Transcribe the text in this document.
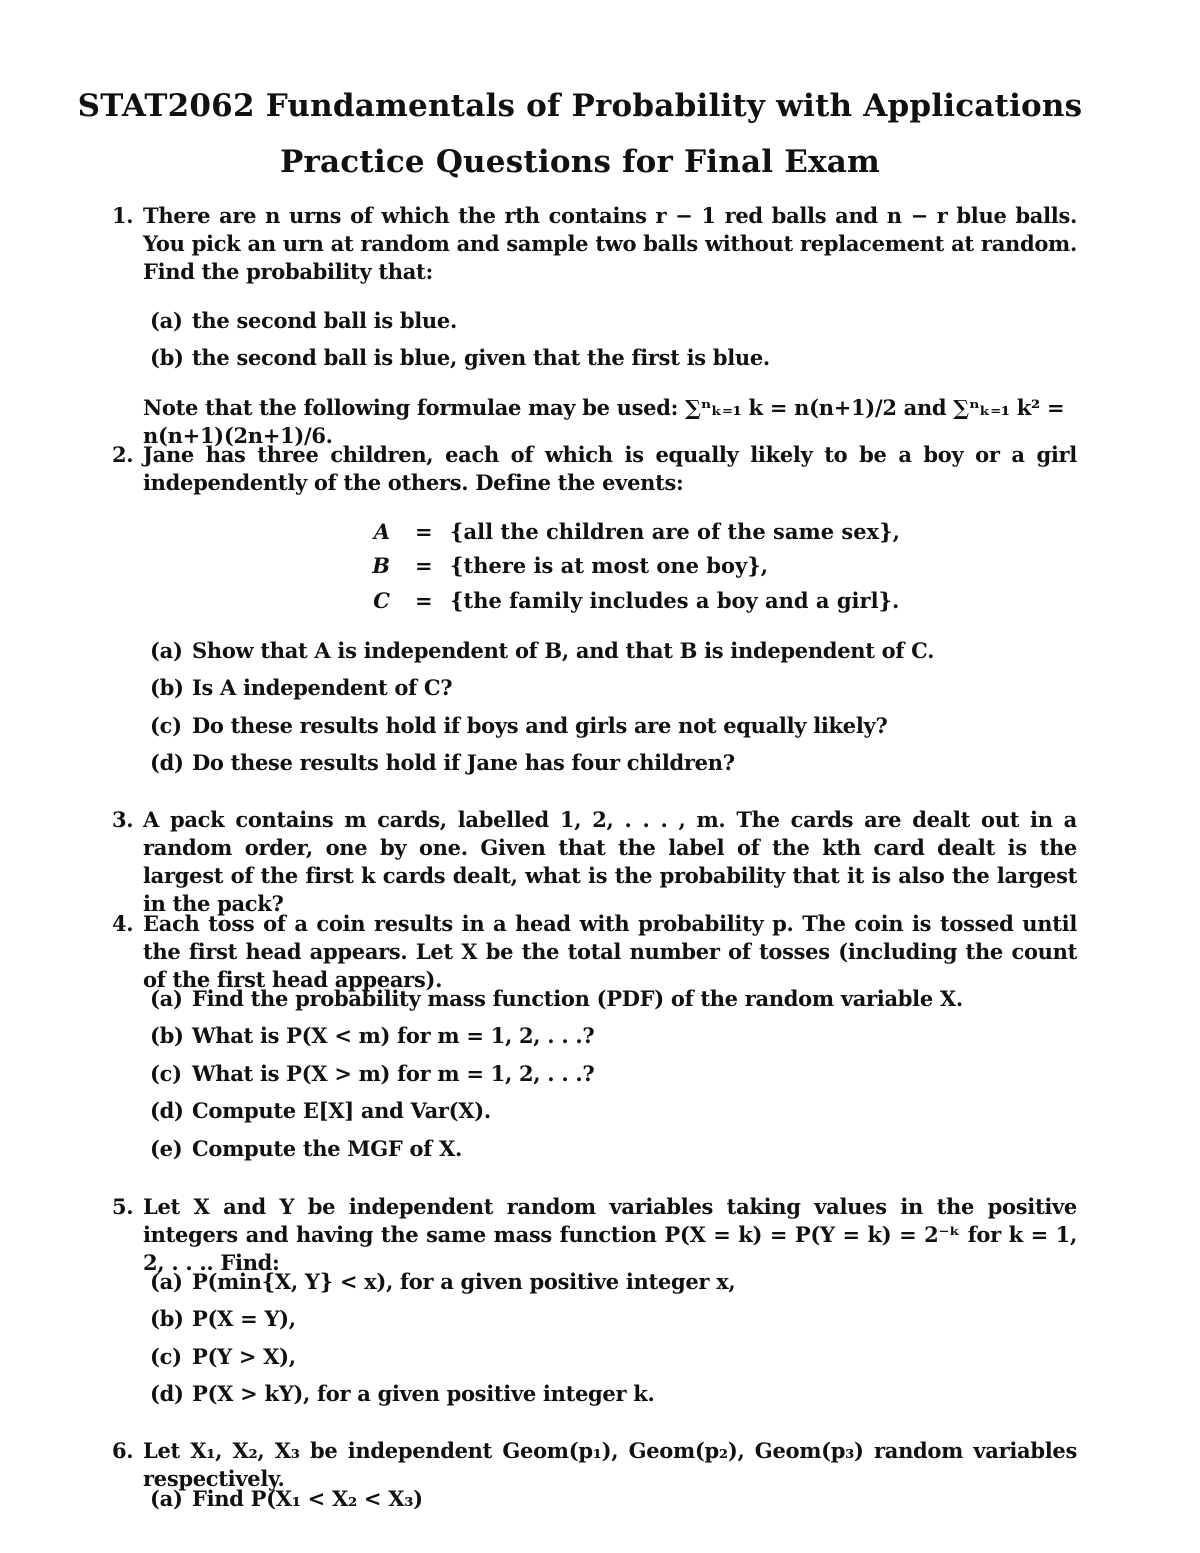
STAT2062 Fundamentals of Probability with Applications
Practice Questions for Final Exam
1. There are n urns of which the rth contains r − 1 red balls and n − r blue balls. You pick an urn at random and sample two balls without replacement at random. Find the probability that:
(a) the second ball is blue.
(b) the second ball is blue, given that the first is blue.
Note that the following formulae may be used: ∑ⁿₖ₌₁ k = n(n+1)/2 and ∑ⁿₖ₌₁ k² = n(n+1)(2n+1)/6.
2. Jane has three children, each of which is equally likely to be a boy or a girl independently of the others. Define the events:
A = {all the children are of the same sex},
B = {there is at most one boy},
C = {the family includes a boy and a girl}.
(a) Show that A is independent of B, and that B is independent of C.
(b) Is A independent of C?
(c) Do these results hold if boys and girls are not equally likely?
(d) Do these results hold if Jane has four children?
3. A pack contains m cards, labelled 1, 2, . . . , m. The cards are dealt out in a random order, one by one. Given that the label of the kth card dealt is the largest of the first k cards dealt, what is the probability that it is also the largest in the pack?
4. Each toss of a coin results in a head with probability p. The coin is tossed until the first head appears. Let X be the total number of tosses (including the count of the first head appears).
(a) Find the probability mass function (PDF) of the random variable X.
(b) What is P(X < m) for m = 1, 2, . . .?
(c) What is P(X > m) for m = 1, 2, . . .?
(d) Compute E[X] and Var(X).
(e) Compute the MGF of X.
5. Let X and Y be independent random variables taking values in the positive integers and having the same mass function P(X = k) = P(Y = k) = 2⁻ᵏ for k = 1, 2, . . .. Find:
(a) P(min{X, Y} < x), for a given positive integer x,
(b) P(X = Y),
(c) P(Y > X),
(d) P(X > kY), for a given positive integer k.
6. Let X₁, X₂, X₃ be independent Geom(p₁), Geom(p₂), Geom(p₃) random variables respectively.
(a) Find P(X₁ < X₂ < X₃)
